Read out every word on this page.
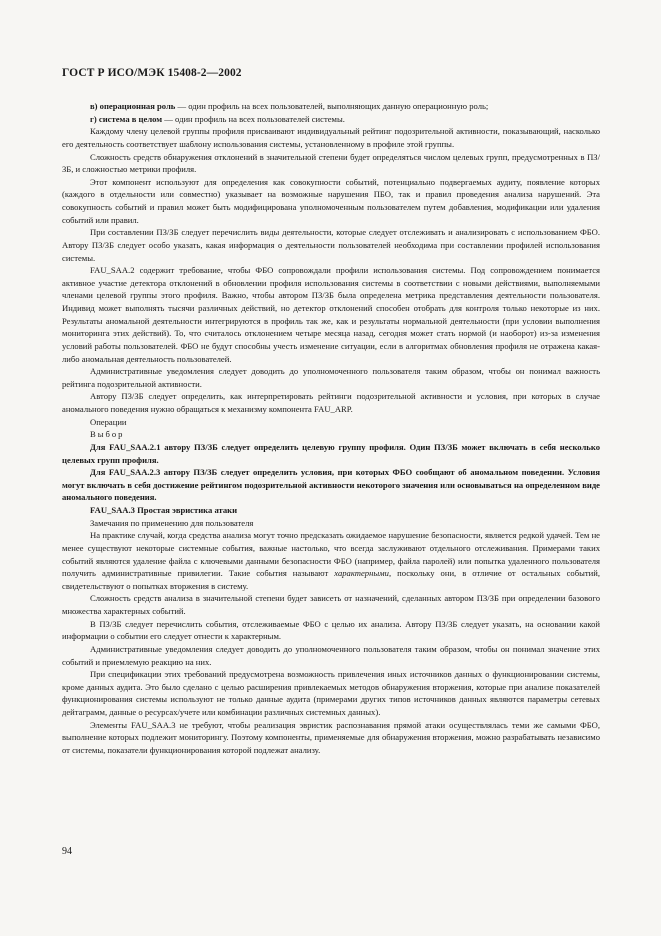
ГОСТ Р ИСО/МЭК 15408-2—2002

в) операционная роль — один профиль на всех пользователей, выполняющих данную операционную роль;

г) система в целом — один профиль на всех пользователей системы.

Каждому члену целевой группы профиля присваивают индивидуальный рейтинг подозрительной активности, показывающий, насколько его деятельность соответствует шаблону использования системы, установленному в профиле этой группы.

Сложность средств обнаружения отклонений в значительной степени будет определяться числом целевых групп, предусмотренных в ПЗ/ЗБ, и сложностью метрики профиля.

Этот компонент используют для определения как совокупности событий, потенциально подвергаемых аудиту, появление которых (каждого в отдельности или совместно) указывает на возможные нарушения ПБО, так и правил проведения анализа нарушений. Эта совокупность событий и правил может быть модифицирована уполномоченным пользователем путем добавления, модификации или удаления событий или правил.

При составлении ПЗ/ЗБ следует перечислить виды деятельности, которые следует отслеживать и анализировать с использованием ФБО. Автору ПЗ/ЗБ следует особо указать, какая информация о деятельности пользователей необходима при составлении профилей использования системы.

FAU_SAA.2 содержит требование, чтобы ФБО сопровождали профили использования системы. Под сопровождением понимается активное участие детектора отклонений в обновлении профиля использования системы в соответствии с новыми действиями, выполняемыми членами целевой группы этого профиля. Важно, чтобы автором ПЗ/ЗБ была определена метрика представления деятельности пользователя. Индивид может выполнять тысячи различных действий, но детектор отклонений способен отобрать для контроля только некоторые из них. Результаты аномальной деятельности интегрируются в профиль так же, как и результаты нормальной деятельности (при условии выполнения мониторинга этих действий). То, что считалось отклонением четыре месяца назад, сегодня может стать нормой (и наоборот) из-за изменения условий работы пользователей. ФБО не будут способны учесть изменение ситуации, если в алгоритмах обновления профиля не отражена какая-либо аномальная деятельность пользователей.

Административные уведомления следует доводить до уполномоченного пользователя таким образом, чтобы он понимал важность рейтинга подозрительной активности.

Автору ПЗ/ЗБ следует определить, как интерпретировать рейтинги подозрительной активности и условия, при которых в случае аномального поведения нужно обращаться к механизму компонента FAU_ARP.

Операции

Выбор

Для FAU_SAA.2.1 автору ПЗ/ЗБ следует определить целевую группу профиля. Один ПЗ/ЗБ может включать в себя несколько целевых групп профиля.

Для FAU_SAA.2.3 автору ПЗ/ЗБ следует определить условия, при которых ФБО сообщают об аномальном поведении. Условия могут включать в себя достижение рейтингом подозрительной активности некоторого значения или основываться на определенном виде аномального поведения.

FAU_SAA.3 Простая эвристика атаки

Замечания по применению для пользователя

На практике случай, когда средства анализа могут точно предсказать ожидаемое нарушение безопасности, является редкой удачей. Тем не менее существуют некоторые системные события, важные настолько, что всегда заслуживают отдельного отслеживания. Примерами таких событий являются удаление файла с ключевыми данными безопасности ФБО (например, файла паролей) или попытка удаленного пользователя получить административные привилегии. Такие события называют характерными, поскольку они, в отличие от остальных событий, свидетельствуют о попытках вторжения в систему.

Сложность средств анализа в значительной степени будет зависеть от назначений, сделанных автором ПЗ/ЗБ при определении базового множества характерных событий.

В ПЗ/ЗБ следует перечислить события, отслеживаемые ФБО с целью их анализа. Автору ПЗ/ЗБ следует указать, на основании какой информации о событии его следует отнести к характерным.

Административные уведомления следует доводить до уполномоченного пользователя таким образом, чтобы он понимал значение этих событий и приемлемую реакцию на них.

При спецификации этих требований предусмотрена возможность привлечения иных источников данных о функционировании системы, кроме данных аудита. Это было сделано с целью расширения привлекаемых методов обнаружения вторжения, которые при анализе показателей функционирования системы используют не только данные аудита (примерами других типов источников данных являются параметры сетевых дейтаграмм, данные о ресурсах/учете или комбинации различных системных данных).

Элементы FAU_SAA.3 не требуют, чтобы реализация эвристик распознавания прямой атаки осуществлялась теми же самыми ФБО, выполнение которых подлежит мониторингу. Поэтому компоненты, применяемые для обнаружения вторжения, можно разрабатывать независимо от системы, показатели функционирования которой подлежат анализу.

94
